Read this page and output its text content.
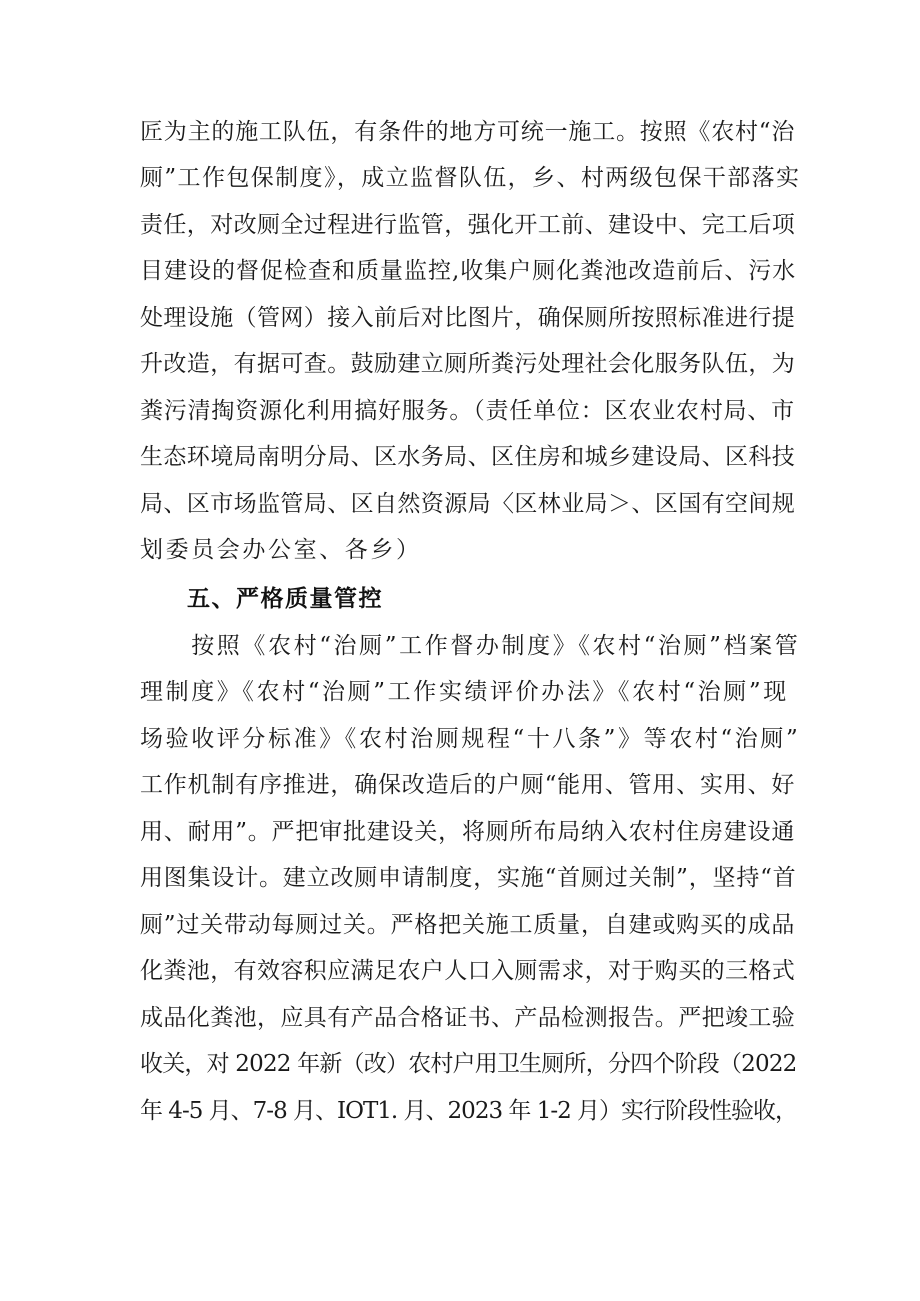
匠为主的施工队伍，有条件的地方可统一施工。按照《农村“治
厕”工作包保制度》，成立监督队伍，乡、村两级包保干部落实
责任，对改厕全过程进行监管，强化开工前、建设中、完工后项
目建设的督促检查和质量监控,收集户厕化粪池改造前后、污水
处理设施（管网）接入前后对比图片，确保厕所按照标准进行提
升改造，有据可查。鼓励建立厕所粪污处理社会化服务队伍，为
粪污清掏资源化利用搞好服务。（责任单位：区农业农村局、市
生态环境局南明分局、区水务局、区住房和城乡建设局、区科技
局、区市场监管局、区自然资源局〈区林业局＞、区国有空间规
划委员会办公室、各乡）
五、严格质量管控
　　按照《农村“治厕”工作督办制度》《农村“治厕”档案管
理制度》《农村“治厕”工作实绩评价办法》《农村“治厕”现
场验收评分标准》《农村治厕规程“十八条”》等农村“治厕”
工作机制有序推进，确保改造后的户厕“能用、管用、实用、好
用、耐用”。严把审批建设关，将厕所布局纳入农村住房建设通
用图集设计。建立改厕申请制度，实施“首厕过关制”，坚持“首
厕”过关带动每厕过关。严格把关施工质量，自建或购买的成品
化粪池，有效容积应满足农户人口入厕需求，对于购买的三格式
成品化粪池，应具有产品合格证书、产品检测报告。严把竣工验
收关，对 2022 年新（改）农村户用卫生厕所，分四个阶段（2022
年 4-5 月、7-8 月、IOT1. 月、2023 年 1-2 月）实行阶段性验收，
